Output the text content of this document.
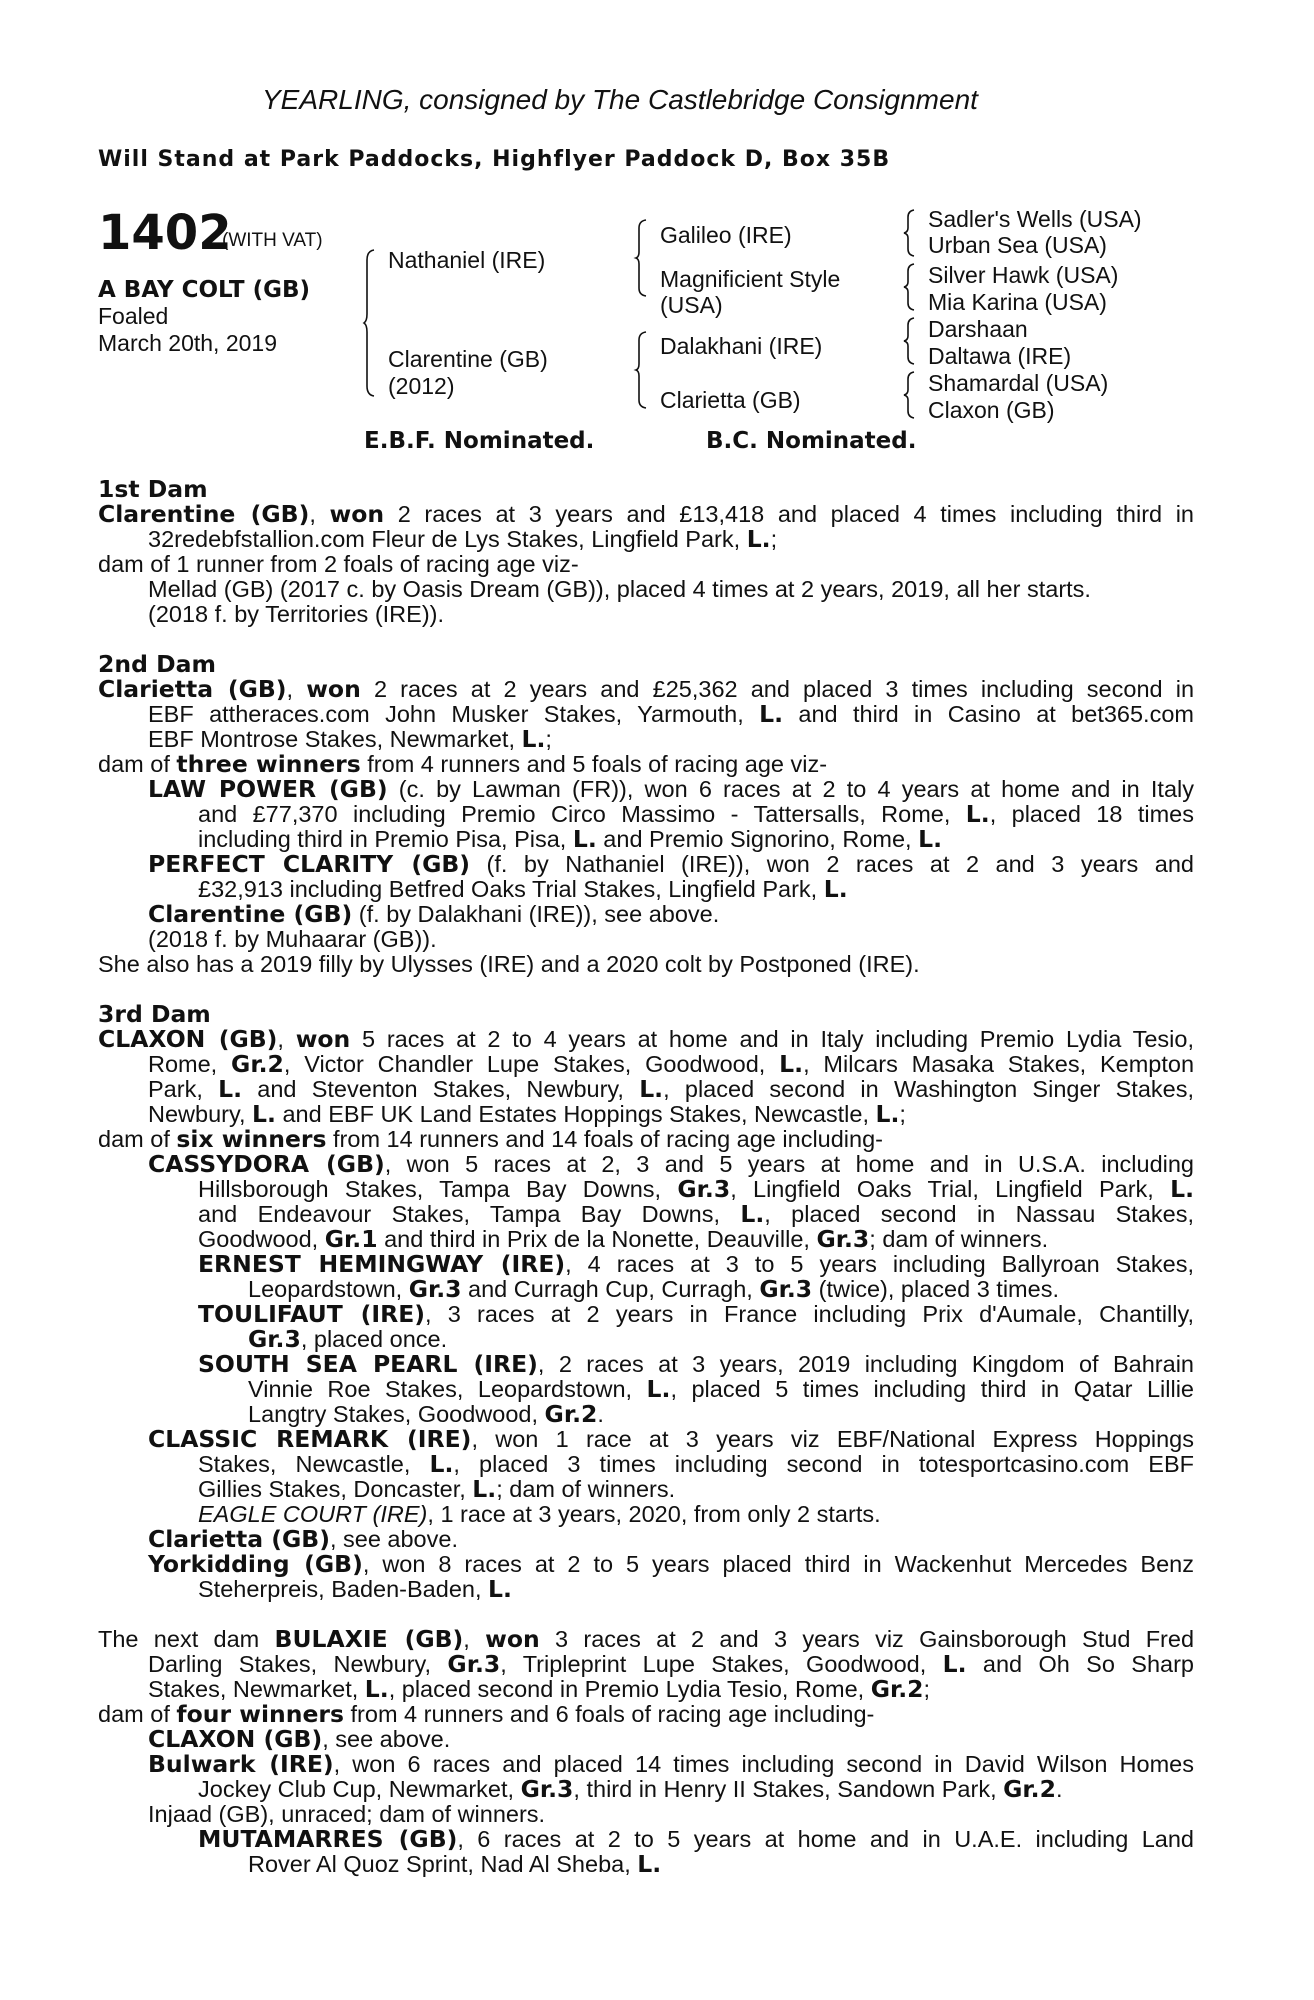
YEARLING, consigned by The Castlebridge Consignment
Will Stand at Park Paddocks, Highflyer Paddock D, Box 35B
1402
(WITH VAT)
A BAY COLT (GB)
Foaled
March 20th, 2019
Nathaniel (IRE)
Clarentine (GB)
(2012)
Galileo (IRE)
Magnificient Style
(USA)
Dalakhani (IRE)
Clarietta (GB)
Sadler's Wells (USA)
Urban Sea (USA)
Silver Hawk (USA)
Mia Karina (USA)
Darshaan
Daltawa (IRE)
Shamardal (USA)
Claxon (GB)
E.B.F. Nominated.	B.C. Nominated.
1st Dam
Clarentine (GB), won 2 races at 3 years and £13,418 and placed 4 times including third in
32redebfstallion.com Fleur de Lys Stakes, Lingfield Park, L.;
dam of 1 runner from 2 foals of racing age viz-
Mellad (GB) (2017 c. by Oasis Dream (GB)), placed 4 times at 2 years, 2019, all her starts.
(2018 f. by Territories (IRE)).
2nd Dam
Clarietta (GB), won 2 races at 2 years and £25,362 and placed 3 times including second in
EBF attheraces.com John Musker Stakes, Yarmouth, L. and third in Casino at bet365.com
EBF Montrose Stakes, Newmarket, L.;
dam of three winners from 4 runners and 5 foals of racing age viz-
LAW POWER (GB) (c. by Lawman (FR)), won 6 races at 2 to 4 years at home and in Italy
and £77,370 including Premio Circo Massimo - Tattersalls, Rome, L., placed 18 times
including third in Premio Pisa, Pisa, L. and Premio Signorino, Rome, L.
PERFECT CLARITY (GB) (f. by Nathaniel (IRE)), won 2 races at 2 and 3 years and
£32,913 including Betfred Oaks Trial Stakes, Lingfield Park, L.
Clarentine (GB) (f. by Dalakhani (IRE)), see above.
(2018 f. by Muhaarar (GB)).
She also has a 2019 filly by Ulysses (IRE) and a 2020 colt by Postponed (IRE).
3rd Dam
CLAXON (GB), won 5 races at 2 to 4 years at home and in Italy including Premio Lydia Tesio,
Rome, Gr.2, Victor Chandler Lupe Stakes, Goodwood, L., Milcars Masaka Stakes, Kempton
Park, L. and Steventon Stakes, Newbury, L., placed second in Washington Singer Stakes,
Newbury, L. and EBF UK Land Estates Hoppings Stakes, Newcastle, L.;
dam of six winners from 14 runners and 14 foals of racing age including-
CASSYDORA (GB), won 5 races at 2, 3 and 5 years at home and in U.S.A. including
Hillsborough Stakes, Tampa Bay Downs, Gr.3, Lingfield Oaks Trial, Lingfield Park, L.
and Endeavour Stakes, Tampa Bay Downs, L., placed second in Nassau Stakes,
Goodwood, Gr.1 and third in Prix de la Nonette, Deauville, Gr.3; dam of winners.
ERNEST HEMINGWAY (IRE), 4 races at 3 to 5 years including Ballyroan Stakes,
Leopardstown, Gr.3 and Curragh Cup, Curragh, Gr.3 (twice), placed 3 times.
TOULIFAUT (IRE), 3 races at 2 years in France including Prix d'Aumale, Chantilly,
Gr.3, placed once.
SOUTH SEA PEARL (IRE), 2 races at 3 years, 2019 including Kingdom of Bahrain
Vinnie Roe Stakes, Leopardstown, L., placed 5 times including third in Qatar Lillie
Langtry Stakes, Goodwood, Gr.2.
CLASSIC REMARK (IRE), won 1 race at 3 years viz EBF/National Express Hoppings
Stakes, Newcastle, L., placed 3 times including second in totesportcasino.com EBF
Gillies Stakes, Doncaster, L.; dam of winners.
EAGLE COURT (IRE), 1 race at 3 years, 2020, from only 2 starts.
Clarietta (GB), see above.
Yorkidding (GB), won 8 races at 2 to 5 years placed third in Wackenhut Mercedes Benz
Steherpreis, Baden-Baden, L.
The next dam BULAXIE (GB), won 3 races at 2 and 3 years viz Gainsborough Stud Fred
Darling Stakes, Newbury, Gr.3, Tripleprint Lupe Stakes, Goodwood, L. and Oh So Sharp
Stakes, Newmarket, L., placed second in Premio Lydia Tesio, Rome, Gr.2;
dam of four winners from 4 runners and 6 foals of racing age including-
CLAXON (GB), see above.
Bulwark (IRE), won 6 races and placed 14 times including second in David Wilson Homes
Jockey Club Cup, Newmarket, Gr.3, third in Henry II Stakes, Sandown Park, Gr.2.
Injaad (GB), unraced; dam of winners.
MUTAMARRES (GB), 6 races at 2 to 5 years at home and in U.A.E. including Land
Rover Al Quoz Sprint, Nad Al Sheba, L.
